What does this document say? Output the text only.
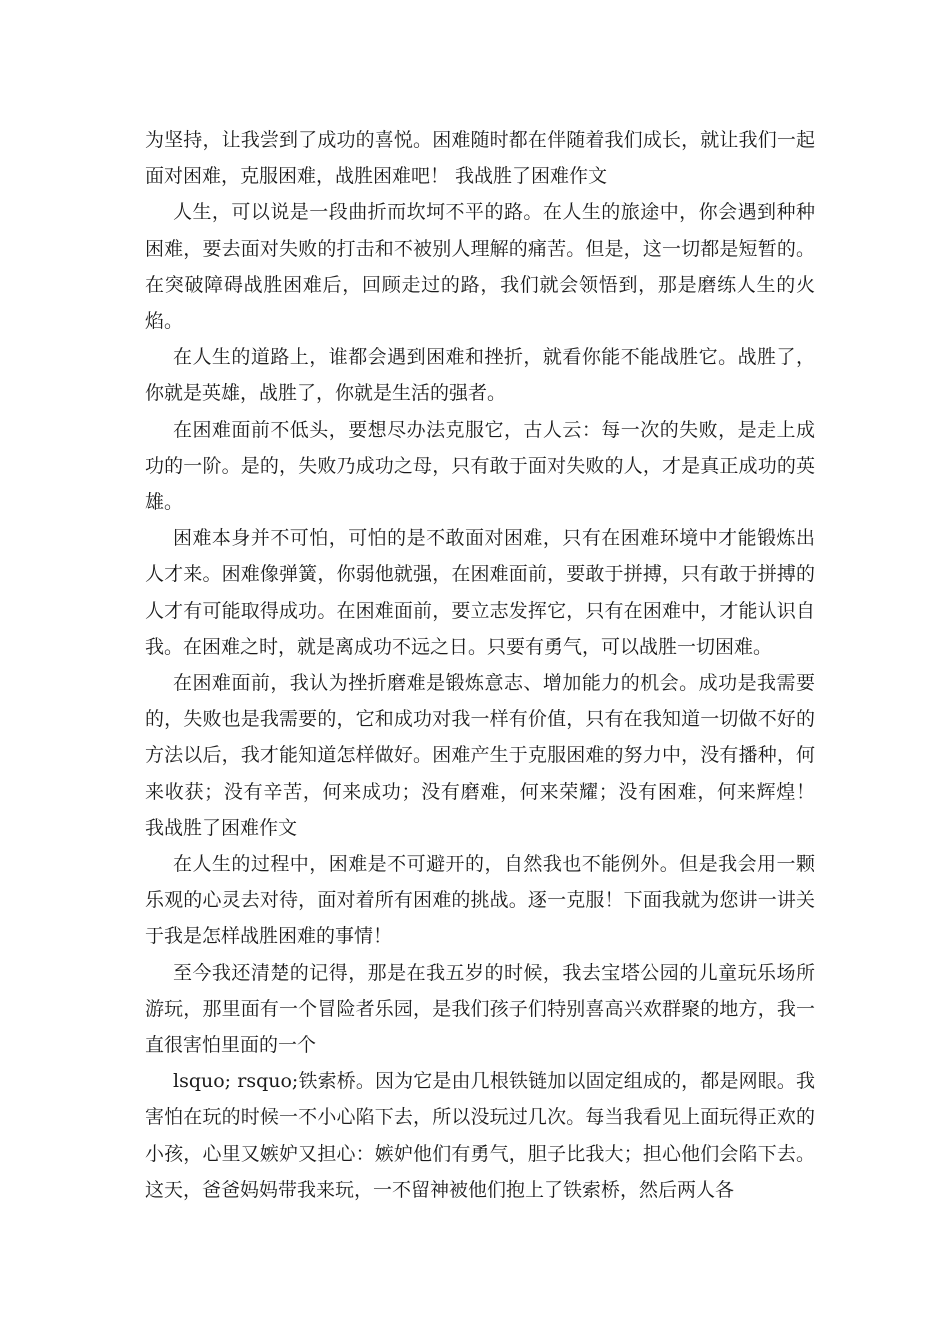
为坚持，让我尝到了成功的喜悦。困难随时都在伴随着我们成长，就让我们一起面对困难，克服困难，战胜困难吧！ 我战胜了困难作文

人生，可以说是一段曲折而坎坷不平的路。在人生的旅途中，你会遇到种种困难，要去面对失败的打击和不被别人理解的痛苦。但是，这一切都是短暂的。在突破障碍战胜困难后，回顾走过的路，我们就会领悟到，那是磨练人生的火焰。

在人生的道路上，谁都会遇到困难和挫折，就看你能不能战胜它。战胜了，你就是英雄，战胜了，你就是生活的强者。

在困难面前不低头，要想尽办法克服它，古人云：每一次的失败，是走上成功的一阶。是的，失败乃成功之母，只有敢于面对失败的人，才是真正成功的英雄。

困难本身并不可怕，可怕的是不敢面对困难，只有在困难环境中才能锻炼出人才来。困难像弹簧，你弱他就强，在困难面前，要敢于拼搏，只有敢于拼搏的人才有可能取得成功。在困难面前，要立志发挥它，只有在困难中，才能认识自我。在困难之时，就是离成功不远之日。只要有勇气，可以战胜一切困难。

在困难面前，我认为挫折磨难是锻炼意志、增加能力的机会。成功是我需要的，失败也是我需要的，它和成功对我一样有价值，只有在我知道一切做不好的方法以后，我才能知道怎样做好。困难产生于克服困难的努力中，没有播种，何来收获；没有辛苦，何来成功；没有磨难，何来荣耀；没有困难，何来辉煌！ 我战胜了困难作文

在人生的过程中，困难是不可避开的，自然我也不能例外。但是我会用一颗乐观的心灵去对待，面对着所有困难的挑战。逐一克服！下面我就为您讲一讲关于我是怎样战胜困难的事情！

至今我还清楚的记得，那是在我五岁的时候，我去宝塔公园的儿童玩乐场所游玩，那里面有一个冒险者乐园，是我们孩子们特别喜高兴欢群聚的地方，我一直很害怕里面的一个

lsquo; rsquo;铁索桥。因为它是由几根铁链加以固定组成的，都是网眼。我害怕在玩的时候一不小心陷下去，所以没玩过几次。每当我看见上面玩得正欢的小孩，心里又嫉妒又担心：嫉妒他们有勇气，胆子比我大；担心他们会陷下去。这天，爸爸妈妈带我来玩，一不留神被他们抱上了铁索桥，然后两人各
